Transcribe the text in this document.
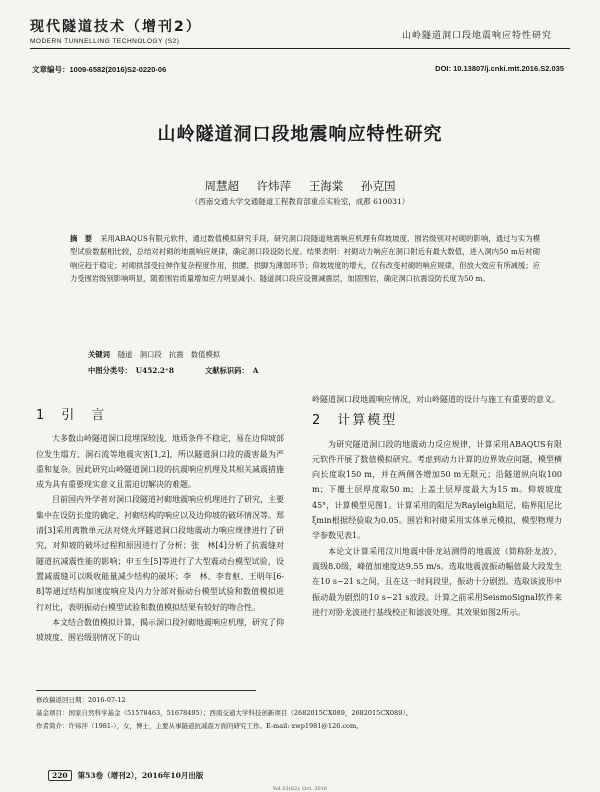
现代隧道技术（增刊2）
MODERN TUNNELLING TECHNOLOGY (S2)
山岭隧道洞口段地震响应特性研究
文章编号：1009-6582(2016)S2-0220-06	DOI: 10.13807/j.cnki.mtt.2016.S2.035
山岭隧道洞口段地震响应特性研究
周慧超 许炜萍 王海棠 孙克国
（西南交通大学交通隧道工程教育部重点实验室，成都 610031）
摘　要 采用ABAQUS有限元软件，通过数值模拟研究手段，研究洞口段隧道地震响应机理有仰坡坡度、围岩级别对衬砌的影响，通过与实为模型试验数据相比较，总结对衬砌的地震响应规律，确定洞口段设防长度。结果表明：衬砌动力响应在洞口附近有最大数值，进入洞内50 m后衬砌响应趋于稳定；衬砌拱部受拉伸作复杂程度作用，拱腰、拱脚为薄弱环节；仰坡坡度的增大，仅有改变衬砌的响应规律，但放大效应有所减缓；应力受围岩级别影响明显，随着围岩质量增加应力明显减小。隧道洞口段应设置减震层，加固围岩，确定洞口抗震设防长度为50 m。
关键词 隧道　洞口段　抗震　数值模拟
中图分类号： U452.2⁺8	文献标识码： A
1　引　言

大多数山岭隧道洞口段埋深较浅、地质条件不稳定，易在边仰坡部位发生塌方、洞石流等地震灾害[1,2]，所以隧道洞口段的震害最为严重和复杂。因此研究山岭隧道洞口段的抗震响应机理及其相关减震措施成为具有重要现实意义且需迫切解决的难题。

目前国内外学者对洞口段隧道衬砌地震响应机理进行了研究，主要集中在设防长度的确定、衬砌结构的响应以及边仰坡的破坏情况等。郑　清[3]采用离散单元法对烧火坪隧道洞口段地震动力响应规律进行了研究，对仰坡的破坏过程和原因进行了分析；张　林[4]分析了抗震缝对隧道抗减震性能的影响；申玉生[5]等进行了大型震动台模型试验，设置减震缝可以吸收能量减少结构的破坏；李　林、李育枢、王明年[6-8]等通过结构加速度响应及内力分部对振动台模型试验和数值模拟进行对比，表明振动台模型试验和数值模拟结果有较好的吻合性。

本文结合数值模拟计算，揭示洞口段衬砌地震响应机理，研究了仰坡坡度、围岩级别情况下的山

岭隧道洞口段地震响应情况，对山岭隧道的设计与施工有重要的意义。

2　计算模型

为研究隧道洞口段的地震动力反应规律，计算采用ABAQUS有限元软件开展了数值模拟研究。考虑到动力计算的边界效应问题，模型横向长度取150 m，并在两侧各增加50 m无限元；沿隧道纵向取100 m；下覆土层厚度取50 m；上盖土层厚度最大为15 m。仰坡坡度45°，计算模型见图1。计算采用的阻尼为Rayleigh阻尼，临界阻尼比ξmin根据经验取为0.05。围岩和衬砌采用实体单元模拟，模型物理力学参数见表1。

本论文计算采用汶川地震中卧龙站测得的地震波（简称卧龙波），震级8.0级，峰值加速度达9.55 m/s。选取地震波振动幅值最大段发生在10 s~21 s之间，且在这一时间段里，振动十分剧烈。选取该波形中振动最为剧烈的10 s~21 s波段。计算之前采用SeismoSignal软件来进行对卧龙波进行基线校正和滤波处理。其效果如图2所示。

修改稿返回日期：2016-07-12
基金项目：国家自然科学基金（51578463，51678495）；西南交通大学科技创新项目（2682015CX089，2682015CX089）。
作者简介：许炜萍（1981-），女，博士，主要从事隧道抗减震方面的研究工作。E-mail: xwp1981@126.com。
220 第53卷（增刊2），2016年10月出版
Vol.53(S2), Oct. 2016
